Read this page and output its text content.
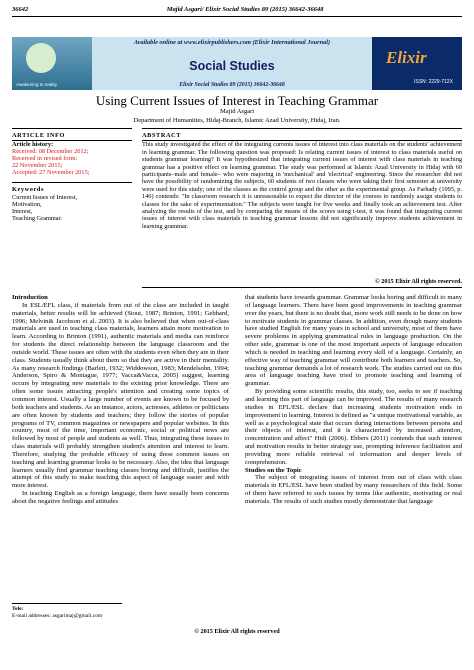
36642	Majid Asgari/ Elixir Social Studies 89 (2015) 36642-36648
Awakening to reality
Available online at www.elixirpublishers.com (Elixir International Journal)
Social Studies
Elixir Social Studies 89 (2015) 36642-36648
Elixir
ISSN: 2229-712X
Using Current Issues of Interest in Teaching Grammar
Majid Asgari
Department of Humanities, Hidaj-Branch, Islamic Azad University, Hidaj, Iran.
ARTICLE INFO
Article history:
Received: 08 December 2012;
Received in revised form:
22 November 2015;
Accepted: 27 November 2015;
Keywords
Current Issues of Interest,
Motivation,
Interest,
Teaching Grammar.
ABSTRACT
This study investigated the effect of the integrating currents issues of interest into class materials on the students' achievement in learning grammar. The following question was proposed: Is relating current issues of interest to class materials useful on students grammar learning? It was hypothesized that integrating current issues of interest with class materials in teaching grammar has a positive effect on learning grammar. The study was performed at Islamic Azad University in Hidaj with 60 participants–male and female– who were majoring in 'mechanical' and 'electrical' engineering. Since the researcher did not have the possibility of randomizing the subjects, 60 students of two classes who were taking their first semester at university were used for this study; one of the classes as the control group and the other as the experimental group. As Farhady (1995, p. 146) contends: "In classroom research it is unreasonable to expect the director of the courses to randomly assign students to classes for the sake of experimentation." The subjects were taught for five weeks and finally took an achievement test. After analyzing the results of the test, and by comparing the means of the scores using t-test, it was found that integrating current issues of interest with class materials in teaching grammar lessons did not significantly improve students achievement in learning grammar.
© 2015 Elixir All rights reserved.

Introduction

In ESL/EFL class, if materials from out of the class are included in taught materials, better results will be achieved (Stout, 1987; Brinton, 1991; Gebhard, 1996; Melvin& Jacobson et al. 2003). It is also believed that when out-of-class materials are used in teaching class materials, learners attain more motivation to learn. According to Brinton (1991), authentic materials and media can reinforce for students the direct relationship between the language classroom and the outside world. These issues are often with the students even when they are in their class. Students usually think about them so that they are active in their mentality. As many research findings (Barlett, 1932; Widdowson, 1983; Mendelsohn, 1994; Anderson, Spiro & Montague, 1977; Vacca&Vacca, 2005) suggest, learning occurs by integrating new materials to the existing prior knowledge. There are often some issues attracting people's attention and creating some topics of common interest. Usually a large number of events are known to be focused by both teachers and students. As an instance, actors, actresses, athletes or politicians are often known by students and teachers; they follow the stories of popular programs of TV, common magazines or newspapers and popular websites. In this country, most of the time, important economic, social or political news are followed by most of people and students as well. Thus, integrating these issues to class materials will probably strengthen student's attention and interest to learn. Therefore, studying the probable efficacy of using these common issues on teaching and learning grammar looks to be necessary. Also, the idea that language learners usually find grammar teaching classes boring and difficult, justifies the attempt of this study to make teaching this aspect of language easier and with more interest.

In teaching English as a foreign language, there have usually been concerns about the negative feelings and attitudes

that students have towards grammar. Grammar looks boring and difficult to many of language learners. There have been good improvements in teaching grammar over the years, but there is no doubt that, more work still needs to be done on how to motivate students in grammar classes. In addition, even though many students have studied English for many years in school and university, most of them have severe problems in applying grammatical rules in language production. On the other side, grammar is one of the most important aspects of language education which is needed in teaching and learning every skill of a language. Certainly, an effective way of teaching grammar will contribute both learners and teachers. So, teaching grammar demands a lot of research work. The studies carried out on this area of language teaching have tried to promote teaching and learning of grammar.

By providing some scientific results, this study, too, seeks to see if teaching and learning this part of language can be improved. The results of many research studies in EFL/ESL declare that increasing students motivation ends in improvement in learning. Interest is defined as "a unique motivational variable, as well as a psychological state that occurs during interactions between persons and their objects of interest, and it is characterized by increased attention, concentration and affect" Hidi (2006). Ebbers (2011) contends that such interest and motivation results in better strategy use, prompting inference facilitation and providing more reliable retrieval of information and deeper levels of comprehension.

Studies on the Topic

The subject of integrating issues of interest from out of class with class materials in EFL/ESL have been studied by many researchers of this field. Some of them have referred to such issues by terms like authentic, motivating or real materials. The results of such studies mostly demonstrate that language

Tele:
E-mail addresses: asgarimaj@gmail.com
© 2015 Elixir All rights reserved
